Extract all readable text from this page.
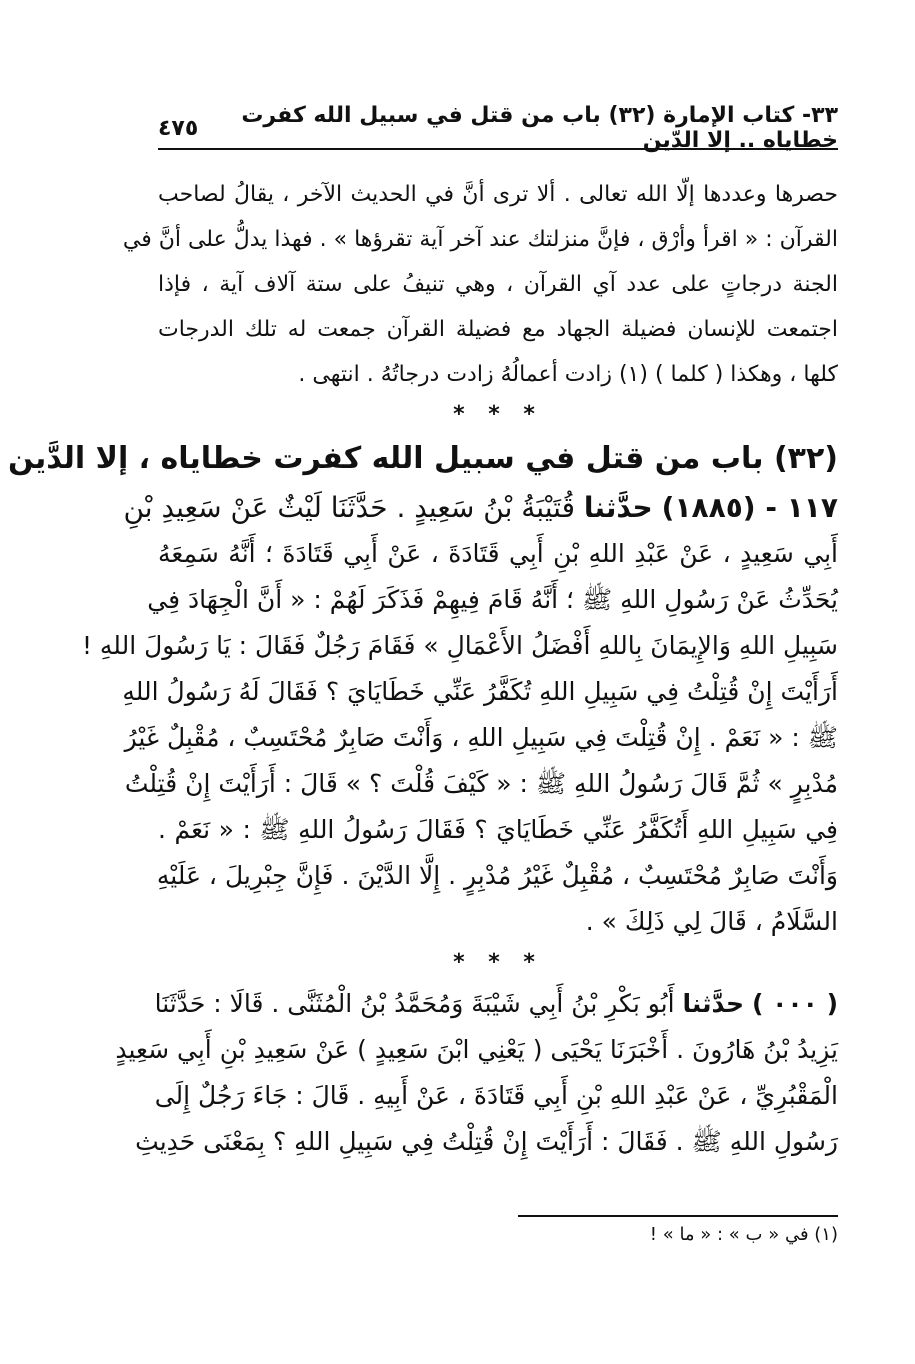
٣٣- كتاب الإمارة (٣٢) باب من قتل في سبيل الله كفرت خطاياه .. إلا الدّين
٤٧٥
حصرها وعددها إلّا الله تعالى . ألا ترى أنَّ في الحديث الآخر ، يقالُ لصاحب
القرآن : « اقرأ وأرْق ، فإنَّ منزلتك عند آخر آية تقرؤها » . فهذا يدلُّ على أنَّ في
الجنة درجاتٍ على عدد آي القرآن ، وهي تنيفُ على ستة آلاف آية ، فإذا
اجتمعت للإنسان فضيلة الجهاد مع فضيلة القرآن جمعت له تلك الدرجات
كلها ، وهكذا ( كلما ) (١) زادت أعمالُهُ زادت درجاتُهُ . انتهى .
* * *
(٣٢) باب من قتل في سبيل الله كفرت خطاياه ، إلا الدَّين
١١٧ - (١٨٨٥) حدَّثنا قُتَيْبَةُ بْنُ سَعِيدٍ . حَدَّثَنَا لَيْثٌ عَنْ سَعِيدِ بْنِ
أَبِي سَعِيدٍ ، عَنْ عَبْدِ اللهِ بْنِ أَبِي قَتَادَةَ ، عَنْ أَبِي قَتَادَةَ ؛ أَنَّهُ سَمِعَهُ
يُحَدِّثُ عَنْ رَسُولِ اللهِ ﷺ ؛ أَنَّهُ قَامَ فِيهِمْ فَذَكَرَ لَهُمْ : « أَنَّ الْجِهَادَ فِي
سَبِيلِ اللهِ وَالإِيمَانَ بِاللهِ أَفْضَلُ الأَعْمَالِ » فَقَامَ رَجُلٌ فَقَالَ : يَا رَسُولَ اللهِ !
أَرَأَيْتَ إِنْ قُتِلْتُ فِي سَبِيلِ اللهِ تُكَفَّرُ عَنِّي خَطَايَايَ ؟ فَقَالَ لَهُ رَسُولُ اللهِ
ﷺ : « نَعَمْ . إِنْ قُتِلْتَ فِي سَبِيلِ اللهِ ، وَأَنْتَ صَابِرٌ مُحْتَسِبٌ ، مُقْبِلٌ غَيْرُ
مُدْبِرٍ » ثُمَّ قَالَ رَسُولُ اللهِ ﷺ : « كَيْفَ قُلْتَ ؟ » قَالَ : أَرَأَيْتَ إِنْ قُتِلْتُ
فِي سَبِيلِ اللهِ أَتُكَفَّرُ عَنِّي خَطَايَايَ ؟ فَقَالَ رَسُولُ اللهِ ﷺ : « نَعَمْ .
وَأَنْتَ صَابِرٌ مُحْتَسِبٌ ، مُقْبِلٌ غَيْرُ مُدْبِرٍ . إِلَّا الدَّيْنَ . فَإِنَّ جِبْرِيلَ ، عَلَيْهِ
السَّلَامُ ، قَالَ لِي ذَلِكَ » .
* * *
( ٠٠٠ ) حدَّثنا أَبُو بَكْرِ بْنُ أَبِي شَيْبَةَ وَمُحَمَّدُ بْنُ الْمُثَنَّى . قَالَا : حَدَّثَنَا
يَزِيدُ بْنُ هَارُونَ . أَخْبَرَنَا يَحْيَى ( يَعْنِي ابْنَ سَعِيدٍ ) عَنْ سَعِيدِ بْنِ أَبِي سَعِيدٍ
الْمَقْبُرِيِّ ، عَنْ عَبْدِ اللهِ بْنِ أَبِي قَتَادَةَ ، عَنْ أَبِيهِ . قَالَ : جَاءَ رَجُلٌ إِلَى
رَسُولِ اللهِ ﷺ . فَقَالَ : أَرَأَيْتَ إِنْ قُتِلْتُ فِي سَبِيلِ اللهِ ؟ بِمَعْنَى حَدِيثِ
(١) في « ب » : « ما » !
